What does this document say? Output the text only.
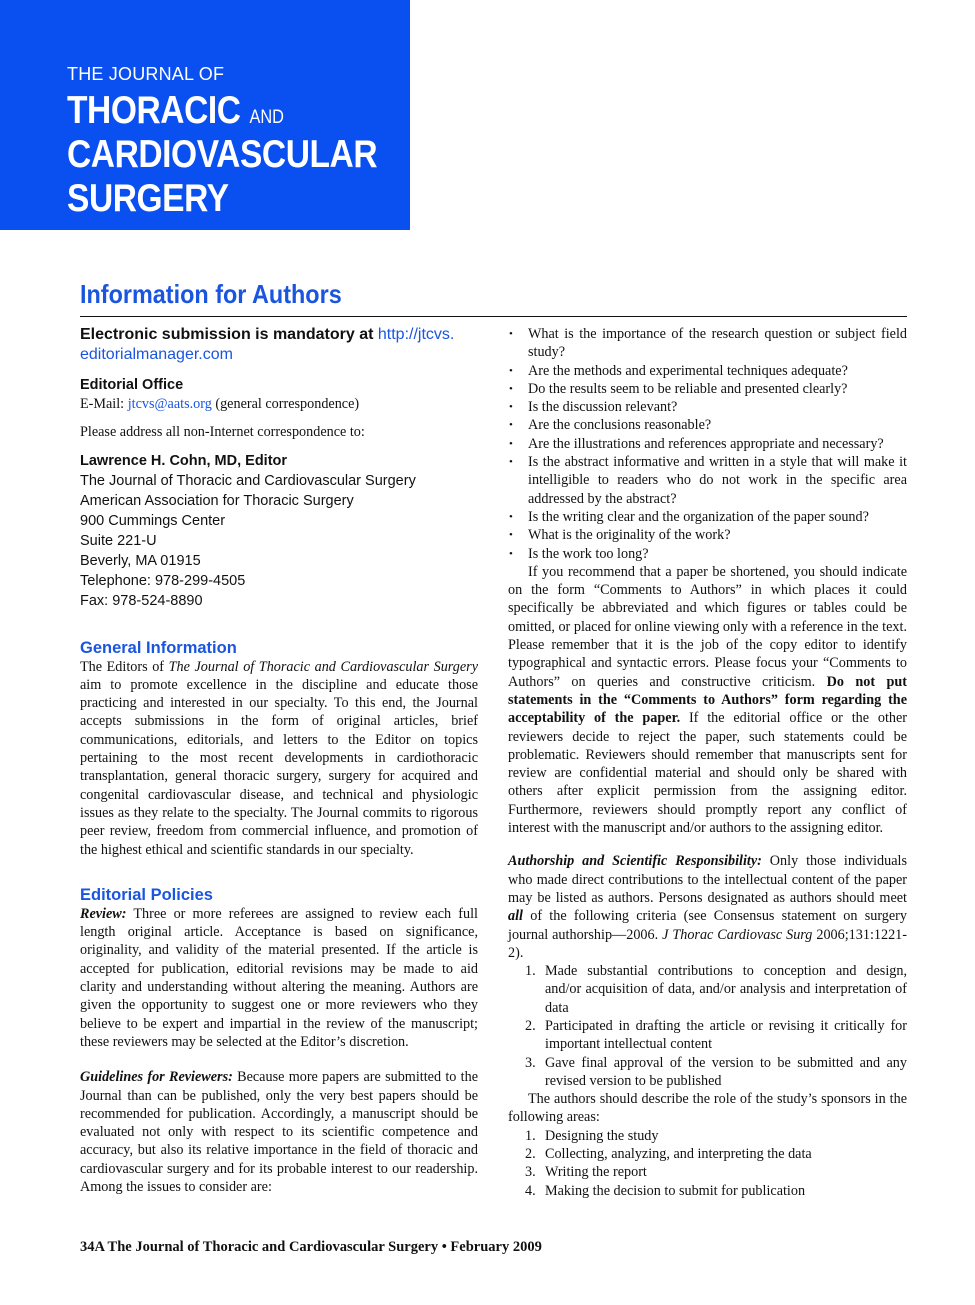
THE JOURNAL OF
THORACIC AND
CARDIOVASCULAR
SURGERY
Information for Authors
Electronic submission is mandatory at http://jtcvs.
editorialmanager.com
Editorial Office
E-Mail: jtcvs@aats.org (general correspondence)
Please address all non-Internet correspondence to:
Lawrence H. Cohn, MD, Editor
The Journal of Thoracic and Cardiovascular Surgery
American Association for Thoracic Surgery
900 Cummings Center
Suite 221-U
Beverly, MA 01915
Telephone: 978-299-4505
Fax: 978-524-8890
General Information

The Editors of The Journal of Thoracic and Cardiovascular Surgery aim to promote excellence in the discipline and educate those practicing and interested in our specialty. To this end, the Journal accepts submissions in the form of original articles, brief communications, editorials, and letters to the Editor on topics pertaining to the most recent developments in cardiothoracic transplantation, general thoracic surgery, surgery for acquired and congenital cardiovascular disease, and technical and physiologic issues as they relate to the specialty. The Journal commits to rigorous peer review, freedom from commercial influence, and promotion of the highest ethical and scientific standards in our specialty.

Editorial Policies

Review: Three or more referees are assigned to review each full length original article. Acceptance is based on significance, originality, and validity of the material presented. If the article is accepted for publication, editorial revisions may be made to aid clarity and understanding without altering the meaning. Authors are given the opportunity to suggest one or more reviewers who they believe to be expert and impartial in the review of the manuscript; these reviewers may be selected at the Editor’s discretion.

Guidelines for Reviewers: Because more papers are submitted to the Journal than can be published, only the very best papers should be recommended for publication. Accordingly, a manuscript should be evaluated not only with respect to its scientific competence and accuracy, but also its relative importance in the field of thoracic and cardiovascular surgery and for its probable interest to our readership. Among the issues to consider are:

• What is the importance of the research question or subject field study?
• Are the methods and experimental techniques adequate?
• Do the results seem to be reliable and presented clearly?
• Is the discussion relevant?
• Are the conclusions reasonable?
• Are the illustrations and references appropriate and necessary?
• Is the abstract informative and written in a style that will make it intelligible to readers who do not work in the specific area addressed by the abstract?
• Is the writing clear and the organization of the paper sound?
• What is the originality of the work?
• Is the work too long?

If you recommend that a paper be shortened, you should indicate on the form “Comments to Authors” in which places it could specifically be abbreviated and which figures or tables could be omitted, or placed for online viewing only with a reference in the text. Please remember that it is the job of the copy editor to identify typographical and syntactic errors. Please focus your “Comments to Authors” on queries and constructive criticism. Do not put statements in the “Comments to Authors” form regarding the acceptability of the paper. If the editorial office or the other reviewers decide to reject the paper, such statements could be problematic. Reviewers should remember that manuscripts sent for review are confidential material and should only be shared with others after explicit permission from the assigning editor. Furthermore, reviewers should promptly report any conflict of interest with the manuscript and/or authors to the assigning editor.

Authorship and Scientific Responsibility: Only those individuals who made direct contributions to the intellectual content of the paper may be listed as authors. Persons designated as authors should meet all of the following criteria (see Consensus statement on surgery journal authorship—2006. J Thorac Cardiovasc Surg 2006;131:1221-2).

1. Made substantial contributions to conception and design, and/or acquisition of data, and/or analysis and interpretation of data
2. Participated in drafting the article or revising it critically for important intellectual content
3. Gave final approval of the version to be submitted and any revised version to be published

The authors should describe the role of the study’s sponsors in the following areas:

1. Designing the study
2. Collecting, analyzing, and interpreting the data
3. Writing the report
4. Making the decision to submit for publication
34A The Journal of Thoracic and Cardiovascular Surgery • February 2009
